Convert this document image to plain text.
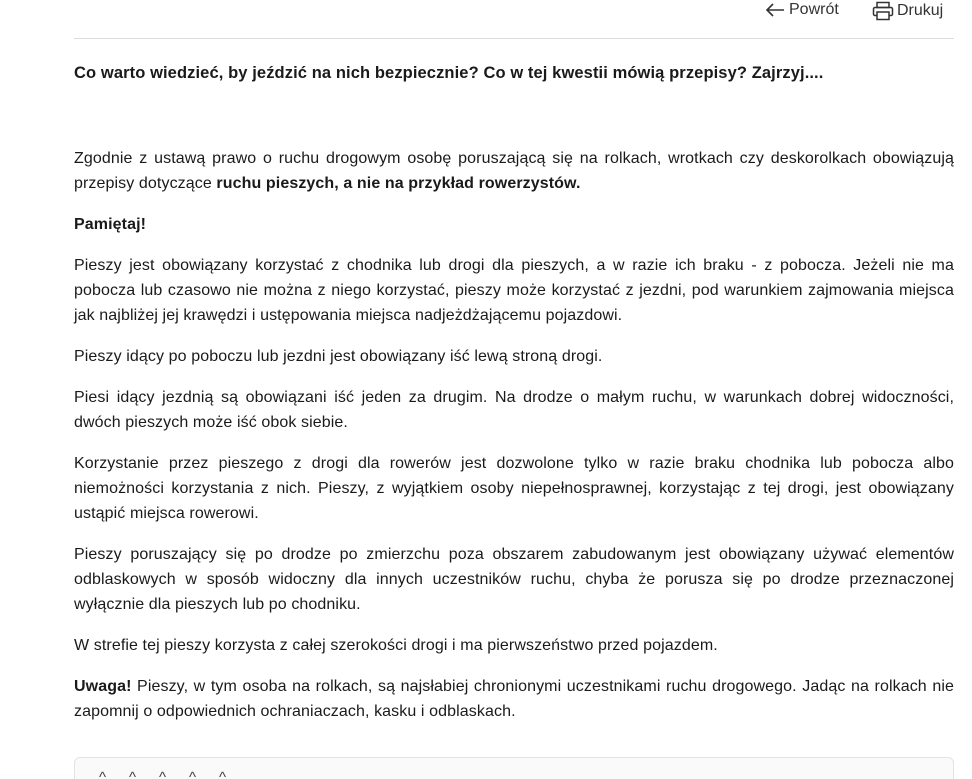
Powrót	Drukuj
Co warto wiedzieć, by jeździć na nich bezpiecznie? Co w tej kwestii mówią przepisy? Zajrzyj....

Zgodnie z ustawą prawo o ruchu drogowym osobę poruszającą się na rolkach, wrotkach czy deskorolkach obowiązują przepisy dotyczące ruchu pieszych, a nie na przykład rowerzystów.

Pamiętaj!

Pieszy jest obowiązany korzystać z chodnika lub drogi dla pieszych, a w razie ich braku - z pobocza. Jeżeli nie ma pobocza lub czasowo nie można z niego korzystać, pieszy może korzystać z jezdni, pod warunkiem zajmowania miejsca jak najbliżej jej krawędzi i ustępowania miejsca nadjeżdżającemu pojazdowi.

Pieszy idący po poboczu lub jezdni jest obowiązany iść lewą stroną drogi.

Piesi idący jezdnią są obowiązani iść jeden za drugim. Na drodze o małym ruchu, w warunkach dobrej widoczności, dwóch pieszych może iść obok siebie.

Korzystanie przez pieszego z drogi dla rowerów jest dozwolone tylko w razie braku chodnika lub pobocza albo niemożności korzystania z nich. Pieszy, z wyjątkiem osoby niepełnosprawnej, korzystając z tej drogi, jest obowiązany ustąpić miejsca rowerowi.

Pieszy poruszający się po drodze po zmierzchu poza obszarem zabudowanym jest obowiązany używać elementów odblaskowych w sposób widoczny dla innych uczestników ruchu, chyba że porusza się po drodze przeznaczonej wyłącznie dla pieszych lub po chodniku.

W strefie tej pieszy korzysta z całej szerokości drogi i ma pierwszeństwo przed pojazdem.

Uwaga! Pieszy, w tym osoba na rolkach, są najsłabiej chronionymi uczestnikami ruchu drogowego. Jadąc na rolkach nie zapomnij o odpowiednich ochraniaczach, kasku i odblaskach.

^	^	^	^	^
